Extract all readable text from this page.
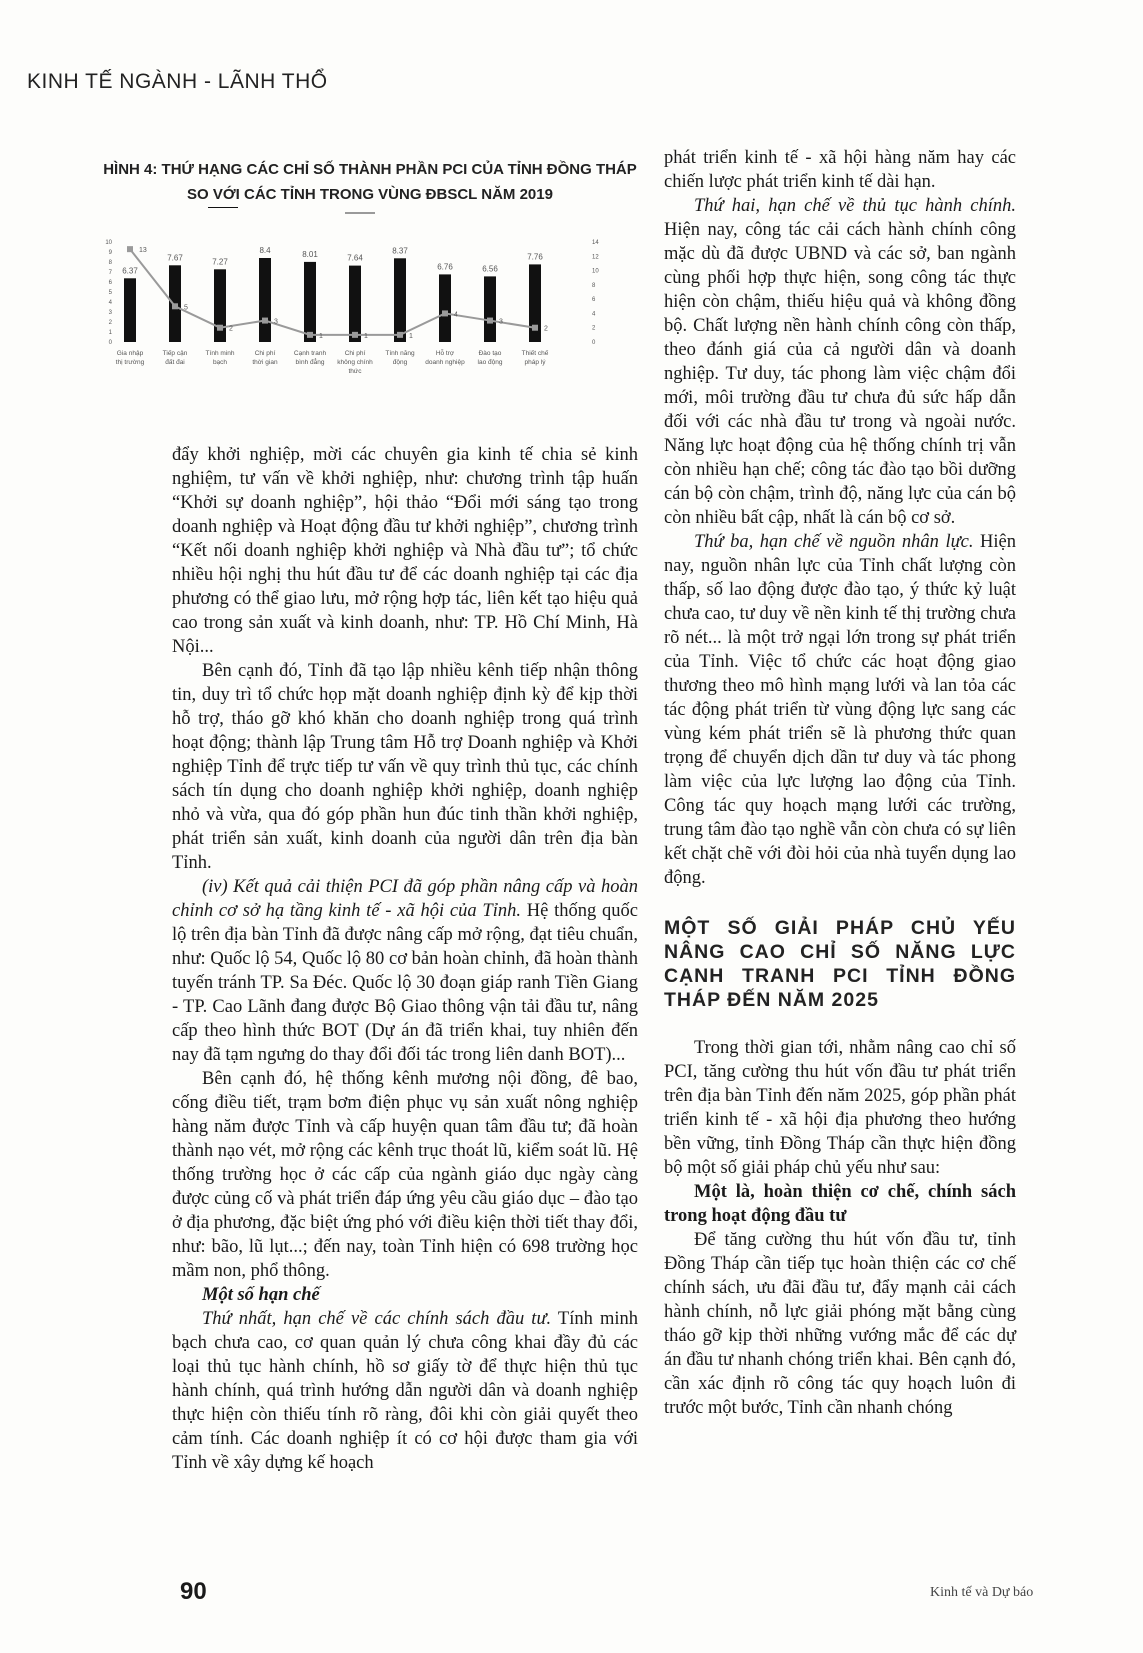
KINH TẾ NGÀNH - LÃNH THỔ
HÌNH 4: THỨ HẠNG CÁC CHỈ SỐ THÀNH PHẦN PCI CỦA TỈNH ĐỒNG THÁP
SO VỚI CÁC TỈNH TRONG VÙNG ĐBSCL NĂM 2019
6.37
7.67	7.27
8.4	8.01	7.64
8.37
6.76	6.56
7.76
0
1
2
3
4
5
6
7
8
9
10
0
2
4
6
8
10
12
14
13
5
2
3
1	1	1
4
3
2
Gia nhập
thị trường
Tiếp cận
đất đai
Tính minh
bạch
Chi phí
thời gian
Cạnh tranh
bình đẳng
Chi phí
không chính
thức
Tính năng
động
Hỗ trợ
doanh nghiệp
Đào tạo
lao động
Thiết chế
pháp lý

đẩy khởi nghiệp, mời các chuyên gia kinh tế chia sẻ kinh nghiệm, tư vấn về khởi nghiệp, như: chương trình tập huấn “Khởi sự doanh nghiệp”, hội thảo “Đổi mới sáng tạo trong doanh nghiệp và Hoạt động đầu tư khởi nghiệp”, chương trình “Kết nối doanh nghiệp khởi nghiệp và Nhà đầu tư”; tổ chức nhiều hội nghị thu hút đầu tư để các doanh nghiệp tại các địa phương có thể giao lưu, mở rộng hợp tác, liên kết tạo hiệu quả cao trong sản xuất và kinh doanh, như: TP. Hồ Chí Minh, Hà Nội...

Bên cạnh đó, Tỉnh đã tạo lập nhiều kênh tiếp nhận thông tin, duy trì tổ chức họp mặt doanh nghiệp định kỳ để kịp thời hỗ trợ, tháo gỡ khó khăn cho doanh nghiệp trong quá trình hoạt động; thành lập Trung tâm Hỗ trợ Doanh nghiệp và Khởi nghiệp Tỉnh để trực tiếp tư vấn về quy trình thủ tục, các chính sách tín dụng cho doanh nghiệp khởi nghiệp, doanh nghiệp nhỏ và vừa, qua đó góp phần hun đúc tinh thần khởi nghiệp, phát triển sản xuất, kinh doanh của người dân trên địa bàn Tỉnh.

(iv) Kết quả cải thiện PCI đã góp phần nâng cấp và hoàn chỉnh cơ sở hạ tầng kinh tế - xã hội của Tỉnh. Hệ thống quốc lộ trên địa bàn Tỉnh đã được nâng cấp mở rộng, đạt tiêu chuẩn, như: Quốc lộ 54, Quốc lộ 80 cơ bản hoàn chỉnh, đã hoàn thành tuyến tránh TP. Sa Đéc. Quốc lộ 30 đoạn giáp ranh Tiền Giang - TP. Cao Lãnh đang được Bộ Giao thông vận tải đầu tư, nâng cấp theo hình thức BOT (Dự án đã triển khai, tuy nhiên đến nay đã tạm ngưng do thay đổi đối tác trong liên danh BOT)...

Bên cạnh đó, hệ thống kênh mương nội đồng, đê bao, cống điều tiết, trạm bơm điện phục vụ sản xuất nông nghiệp hàng năm được Tỉnh và cấp huyện quan tâm đầu tư; đã hoàn thành nạo vét, mở rộng các kênh trục thoát lũ, kiểm soát lũ. Hệ thống trường học ở các cấp của ngành giáo dục ngày càng được củng cố và phát triển đáp ứng yêu cầu giáo dục – đào tạo ở địa phương, đặc biệt ứng phó với điều kiện thời tiết thay đổi, như: bão, lũ lụt...; đến nay, toàn Tỉnh hiện có 698 trường học mầm non, phổ thông.

Một số hạn chế

Thứ nhất, hạn chế về các chính sách đầu tư. Tính minh bạch chưa cao, cơ quan quản lý chưa công khai đầy đủ các loại thủ tục hành chính, hồ sơ giấy tờ để thực hiện thủ tục hành chính, quá trình hướng dẫn người dân và doanh nghiệp thực hiện còn thiếu tính rõ ràng, đôi khi còn giải quyết theo cảm tính. Các doanh nghiệp ít có cơ hội được tham gia với Tỉnh về xây dựng kế hoạch

phát triển kinh tế - xã hội hàng năm hay các chiến lược phát triển kinh tế dài hạn.

Thứ hai, hạn chế về thủ tục hành chính. Hiện nay, công tác cải cách hành chính công mặc dù đã được UBND và các sở, ban ngành cùng phối hợp thực hiện, song công tác thực hiện còn chậm, thiếu hiệu quả và không đồng bộ. Chất lượng nền hành chính công còn thấp, theo đánh giá của cả người dân và doanh nghiệp. Tư duy, tác phong làm việc chậm đổi mới, môi trường đầu tư chưa đủ sức hấp dẫn đối với các nhà đầu tư trong và ngoài nước. Năng lực hoạt động của hệ thống chính trị vẫn còn nhiều hạn chế; công tác đào tạo bồi dưỡng cán bộ còn chậm, trình độ, năng lực của cán bộ còn nhiều bất cập, nhất là cán bộ cơ sở.

Thứ ba, hạn chế về nguồn nhân lực. Hiện nay, nguồn nhân lực của Tỉnh chất lượng còn thấp, số lao động được đào tạo, ý thức kỷ luật chưa cao, tư duy về nền kinh tế thị trường chưa rõ nét... là một trở ngại lớn trong sự phát triển của Tỉnh. Việc tổ chức các hoạt động giao thương theo mô hình mạng lưới và lan tỏa các tác động phát triển từ vùng động lực sang các vùng kém phát triển sẽ là phương thức quan trọng để chuyển dịch dần tư duy và tác phong làm việc của lực lượng lao động của Tỉnh. Công tác quy hoạch mạng lưới các trường, trung tâm đào tạo nghề vẫn còn chưa có sự liên kết chặt chẽ với đòi hỏi của nhà tuyển dụng lao động.

MỘT SỐ GIẢI PHÁP CHỦ YẾU NÂNG CAO CHỈ SỐ NĂNG LỰC CẠNH TRANH PCI TỈNH ĐỒNG THÁP ĐẾN NĂM 2025

Trong thời gian tới, nhằm nâng cao chỉ số PCI, tăng cường thu hút vốn đầu tư phát triển trên địa bàn Tỉnh đến năm 2025, góp phần phát triển kinh tế - xã hội địa phương theo hướng bền vững, tỉnh Đồng Tháp cần thực hiện đồng bộ một số giải pháp chủ yếu như sau:

Một là, hoàn thiện cơ chế, chính sách trong hoạt động đầu tư

Để tăng cường thu hút vốn đầu tư, tỉnh Đồng Tháp cần tiếp tục hoàn thiện các cơ chế chính sách, ưu đãi đầu tư, đẩy mạnh cải cách hành chính, nỗ lực giải phóng mặt bằng cùng tháo gỡ kịp thời những vướng mắc để các dự án đầu tư nhanh chóng triển khai. Bên cạnh đó, cần xác định rõ công tác quy hoạch luôn đi trước một bước, Tỉnh cần nhanh chóng

90	Kinh tế và Dự báo
